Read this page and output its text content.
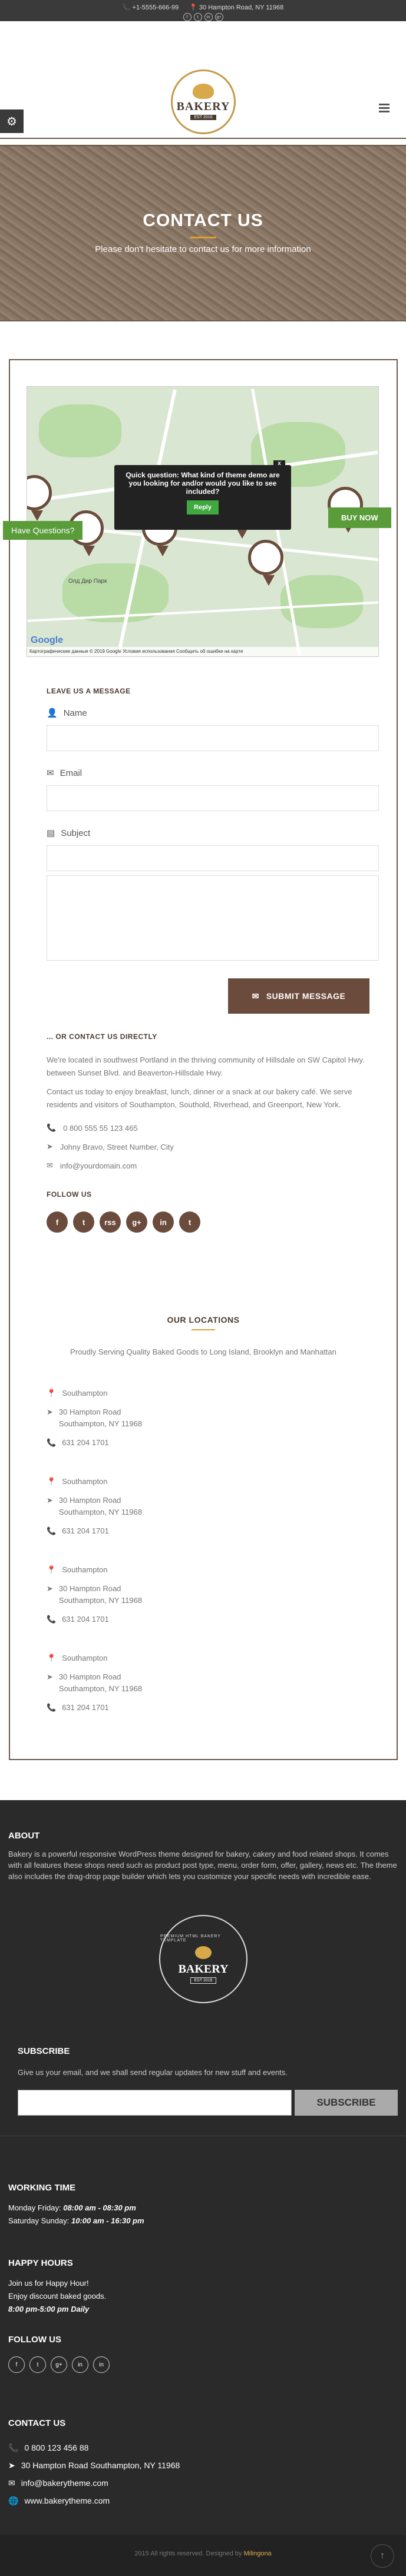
📞 +1-5555-666-99 📍 30 Hampton Road, NY 11968
f	t	in	g+
BAKERY
EST 2016
⚙
CONTACT US

Please don't hesitate to contact us for more information

Олд Дир Парк
Google
Картографические данные © 2019 Google Условия использования Сообщить об ошибке на карте
x
Quick question: What kind of theme demo are you looking for and/or would you like to see included?
Reply
LEAVE US A MESSAGE
👤 Name
✉ Email
▤ Subject
✉ SUBMIT MESSAGE
... OR CONTACT US DIRECTLY

We're located in southwest Portland in the thriving community of Hillsdale on SW Capitol Hwy. between Sunset Blvd. and Beaverton-Hillsdale Hwy.

Contact us today to enjoy breakfast, lunch, dinner or a snack at our bakery café. We serve residents and visitors of Southampton, Southold, Riverhead, and Greenport, New York.

📞 0 800 555 55 123 465
➤ Johny Bravo, Street Number, City
✉ info@yourdomain.com
FOLLOW US
f	t	rss	g+	in	t
OUR LOCATIONS

Proudly Serving Quality Baked Goods to Long Island, Brooklyn and Manhattan

📍 Southampton
➤ 30 Hampton Road
Southampton, NY 11968
📞 631 204 1701
📍 Southampton
➤ 30 Hampton Road
Southampton, NY 11968
📞 631 204 1701
📍 Southampton
➤ 30 Hampton Road
Southampton, NY 11968
📞 631 204 1701
📍 Southampton
➤ 30 Hampton Road
Southampton, NY 11968
📞 631 204 1701
Have Questions?
BUY NOW
ABOUT

Bakery is a powerful responsive WordPress theme designed for bakery, cakery and food related shops. It comes with all features these shops need such as product post type, menu, order form, offer, gallery, news etc. The theme also includes the drag-drop page builder which lets you customize your specific needs with incredible ease.

PREMIUM HTML BAKERY TEMPLATE
BAKERY
EST 2016
SUBSCRIBE

Give us your email, and we shall send regular updates for new stuff and events.

SUBSCRIBE
WORKING TIME
Monday Friday: 08:00 am - 08:30 pm
Saturday Sunday: 10:00 am - 16:30 pm
HAPPY HOURS
Join us for Happy Hour!
Enjoy discount baked goods.
8:00 pm-5:00 pm Daily
FOLLOW US
f	t	g+	in	in
CONTACT US
📞 0 800 123 456 88
➤ 30 Hampton Road Southampton, NY 11968
✉ info@bakerytheme.com
🌐 www.bakerytheme.com
2015 All rights reserved. Designed by Milingona	↑
